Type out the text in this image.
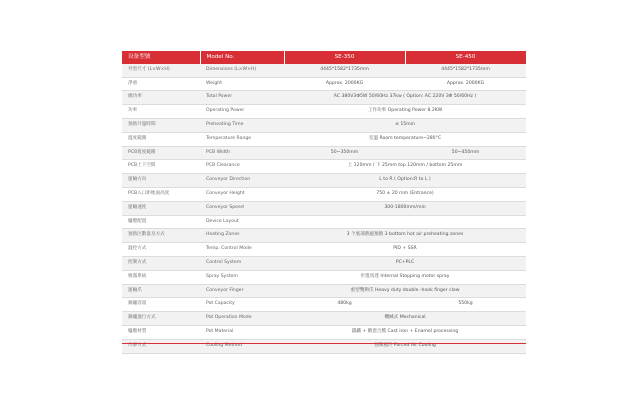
设备型號	Model No.	SE-350	SE-450
外型尺寸 (L×W×H)	Dimensions (L×W×H)	4445*1582*1735mm	4445*1582*1735mm
淨重	Weight	Approx. 2000KG	Approx. 2000KG
總功率	Total Power	AC 380V3Φ5W 50/60Hz 37kw ( Option: AC 220V 3Φ 50/60Hz )	
功率	Operating Power	工作功率 Operating Power 8.2KW	
預熱升溫時間	Preheating Time	≤ 15min	
溫度範圍	Temperature Range	室溫 Room temperature~280°C	
PCB寬度範圍	PCB Width	50~350mm	50~450mm
PCB上下空間	PCB Clearance	上 120mm / 下 25mm top 120mm / bottom 25mm	
運輸方向	Conveyor Direction	L to R ( Option:R to L )	
PCB入口距地面高度	Conveyor Height	750 ± 20 mm (Entrance)	
運輸速度	Conveyor Speed	300-1800mm/min	
爐膛配置	Device Layout		
預熱区數量及方式	Heating Zones	3 个底部熱風預熱 3 bottom hot air preheating zones	
溫控方式	Temp. Control Mode	PID + SSR	
控制方式	Control System	PC+PLC	
噴霧系統	Spray System	步進馬達 Internal Stepping motor spray	
運輸爪	Conveyor Finger	重型雙鉤爪 Heavy duty double -hook finger claw	
錫爐容量	Pot Capacity	480kg	550kg
錫爐運行方式	Pot Operation Mode	機械式 Mechanical	
爐膽材質	Pot Material	鑄鐵 + 鍍瓷合膜 Cast iron + Enamel processing	
冷卻方式	Cooling Method	強制風冷 Forced Air Cooling	
